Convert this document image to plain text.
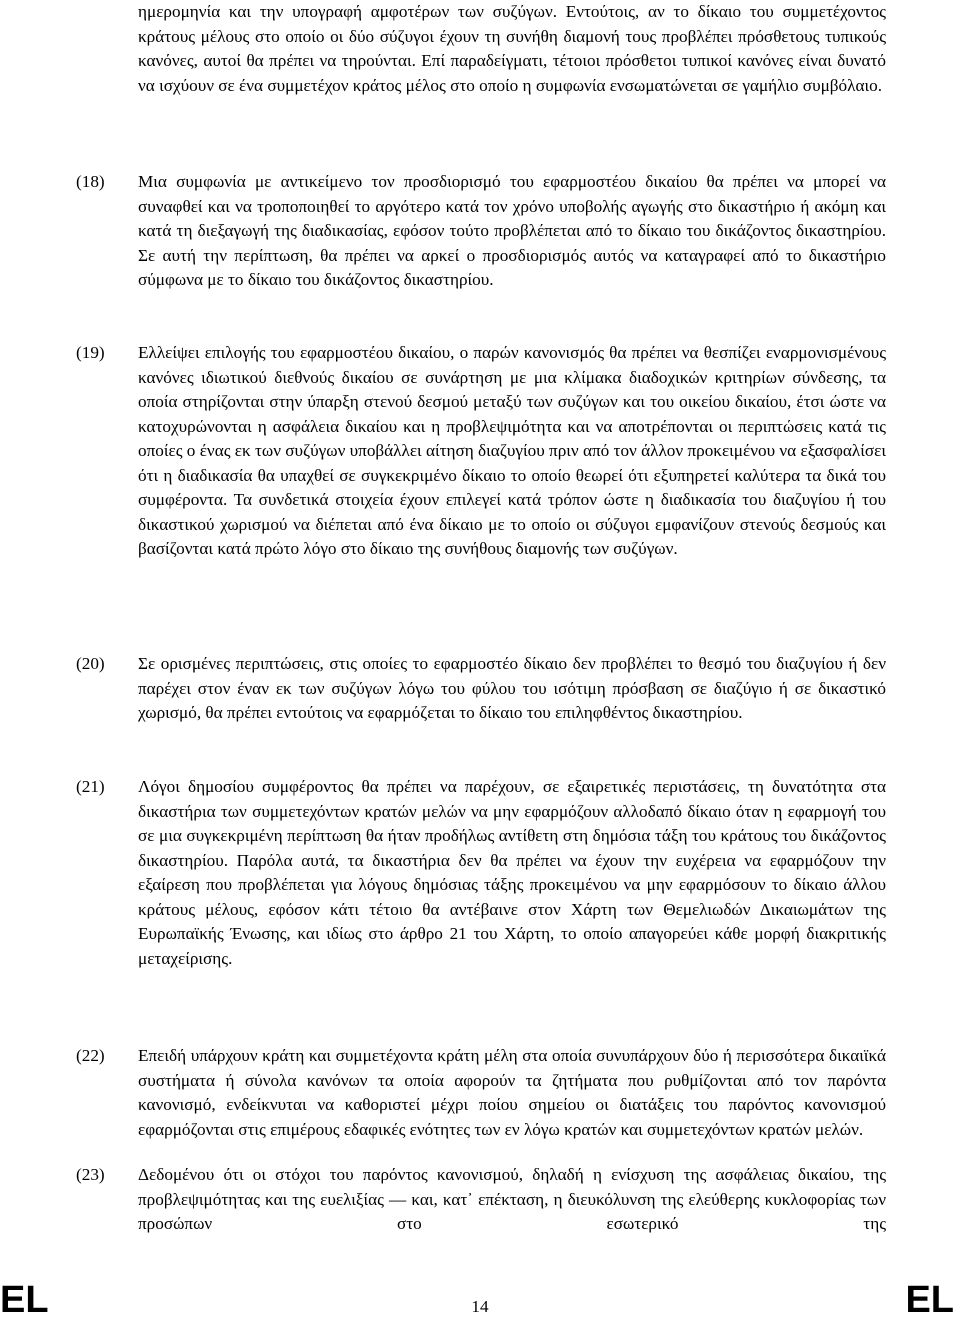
ημερομηνία και την υπογραφή αμφοτέρων των συζύγων. Εντούτοις, αν το δίκαιο του συμμετέχοντος κράτους μέλους στο οποίο οι δύο σύζυγοι έχουν τη συνήθη διαμονή τους προβλέπει πρόσθετους τυπικούς κανόνες, αυτοί θα πρέπει να τηρούνται. Επί παραδείγματι, τέτοιοι πρόσθετοι τυπικοί κανόνες είναι δυνατό να ισχύουν σε ένα συμμετέχον κράτος μέλος στο οποίο η συμφωνία ενσωματώνεται σε γαμήλιο συμβόλαιο.

(18)	Μια συμφωνία με αντικείμενο τον προσδιορισμό του εφαρμοστέου δικαίου θα πρέπει να μπορεί να συναφθεί και να τροποποιηθεί το αργότερο κατά τον χρόνο υποβολής αγωγής στο δικαστήριο ή ακόμη και κατά τη διεξαγωγή της διαδικασίας, εφόσον τούτο προβλέπεται από το δίκαιο του δικάζοντος δικαστηρίου. Σε αυτή την περίπτωση, θα πρέπει να αρκεί ο προσδιορισμός αυτός να καταγραφεί από το δικαστήριο σύμφωνα με το δίκαιο του δικάζοντος δικαστηρίου.

(19)	Ελλείψει επιλογής του εφαρμοστέου δικαίου, ο παρών κανονισμός θα πρέπει να θεσπίζει εναρμονισμένους κανόνες ιδιωτικού διεθνούς δικαίου σε συνάρτηση με μια κλίμακα διαδοχικών κριτηρίων σύνδεσης, τα οποία στηρίζονται στην ύπαρξη στενού δεσμού μεταξύ των συζύγων και του οικείου δικαίου, έτσι ώστε να κατοχυρώνονται η ασφάλεια δικαίου και η προβλεψιμότητα και να αποτρέπονται οι περιπτώσεις κατά τις οποίες ο ένας εκ των συζύγων υποβάλλει αίτηση διαζυγίου πριν από τον άλλον προκειμένου να εξασφαλίσει ότι η διαδικασία θα υπαχθεί σε συγκεκριμένο δίκαιο το οποίο θεωρεί ότι εξυπηρετεί καλύτερα τα δικά του συμφέροντα. Τα συνδετικά στοιχεία έχουν επιλεγεί κατά τρόπον ώστε η διαδικασία του διαζυγίου ή του δικαστικού χωρισμού να διέπεται από ένα δίκαιο με το οποίο οι σύζυγοι εμφανίζουν στενούς δεσμούς και βασίζονται κατά πρώτο λόγο στο δίκαιο της συνήθους διαμονής των συζύγων.

(20)	Σε ορισμένες περιπτώσεις, στις οποίες το εφαρμοστέο δίκαιο δεν προβλέπει το θεσμό του διαζυγίου ή δεν παρέχει στον έναν εκ των συζύγων λόγω του φύλου του ισότιμη πρόσβαση σε διαζύγιο ή σε δικαστικό χωρισμό, θα πρέπει εντούτοις να εφαρμόζεται το δίκαιο του επιληφθέντος δικαστηρίου.

(21)	Λόγοι δημοσίου συμφέροντος θα πρέπει να παρέχουν, σε εξαιρετικές περιστάσεις, τη δυνατότητα στα δικαστήρια των συμμετεχόντων κρατών μελών να μην εφαρμόζουν αλλοδαπό δίκαιο όταν η εφαρμογή του σε μια συγκεκριμένη περίπτωση θα ήταν προδήλως αντίθετη στη δημόσια τάξη του κράτους του δικάζοντος δικαστηρίου. Παρόλα αυτά, τα δικαστήρια δεν θα πρέπει να έχουν την ευχέρεια να εφαρμόζουν την εξαίρεση που προβλέπεται για λόγους δημόσιας τάξης προκειμένου να μην εφαρμόσουν το δίκαιο άλλου κράτους μέλους, εφόσον κάτι τέτοιο θα αντέβαινε στον Χάρτη των Θεμελιωδών Δικαιωμάτων της Ευρωπαϊκής Ένωσης, και ιδίως στο άρθρο 21 του Χάρτη, το οποίο απαγορεύει κάθε μορφή διακριτικής μεταχείρισης.

(22)	Επειδή υπάρχουν κράτη και συμμετέχοντα κράτη μέλη στα οποία συνυπάρχουν δύο ή περισσότερα δικαιϊκά συστήματα ή σύνολα κανόνων τα οποία αφορούν τα ζητήματα που ρυθμίζονται από τον παρόντα κανονισμό, ενδείκνυται να καθοριστεί μέχρι ποίου σημείου οι διατάξεις του παρόντος κανονισμού εφαρμόζονται στις επιμέρους εδαφικές ενότητες των εν λόγω κρατών και συμμετεχόντων κρατών μελών.

(23)	Δεδομένου ότι οι στόχοι του παρόντος κανονισμού, δηλαδή η ενίσχυση της ασφάλειας δικαίου, της προβλεψιμότητας και της ευελιξίας — και, κατ᾽ επέκταση, η διευκόλυνση της ελεύθερης κυκλοφορίας των προσώπων στο εσωτερικό της

EL	14	EL
